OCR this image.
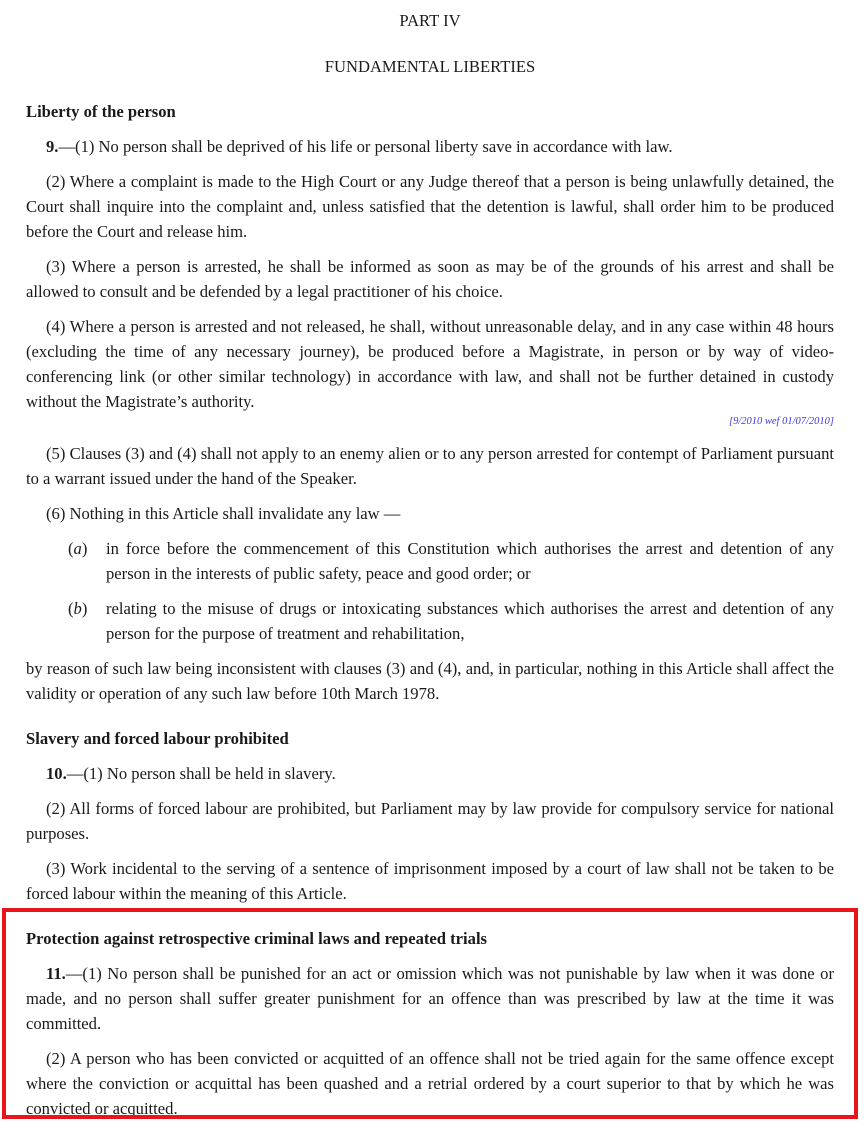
PART IV

FUNDAMENTAL LIBERTIES

Liberty of the person

9.—(1) No person shall be deprived of his life or personal liberty save in accordance with law.

(2) Where a complaint is made to the High Court or any Judge thereof that a person is being unlawfully detained, the Court shall inquire into the complaint and, unless satisfied that the detention is lawful, shall order him to be produced before the Court and release him.

(3) Where a person is arrested, he shall be informed as soon as may be of the grounds of his arrest and shall be allowed to consult and be defended by a legal practitioner of his choice.

(4) Where a person is arrested and not released, he shall, without unreasonable delay, and in any case within 48 hours (excluding the time of any necessary journey), be produced before a Magistrate, in person or by way of video-conferencing link (or other similar technology) in accordance with law, and shall not be further detained in custody without the Magistrate’s authority.

[9/2010 wef 01/07/2010]

(5) Clauses (3) and (4) shall not apply to an enemy alien or to any person arrested for contempt of Parliament pursuant to a warrant issued under the hand of the Speaker.

(6) Nothing in this Article shall invalidate any law —

(a) in force before the commencement of this Constitution which authorises the arrest and detention of any person in the interests of public safety, peace and good order; or
(b) relating to the misuse of drugs or intoxicating substances which authorises the arrest and detention of any person for the purpose of treatment and rehabilitation,

by reason of such law being inconsistent with clauses (3) and (4), and, in particular, nothing in this Article shall affect the validity or operation of any such law before 10th March 1978.

Slavery and forced labour prohibited

10.—(1) No person shall be held in slavery.

(2) All forms of forced labour are prohibited, but Parliament may by law provide for compulsory service for national purposes.

(3) Work incidental to the serving of a sentence of imprisonment imposed by a court of law shall not be taken to be forced labour within the meaning of this Article.

Protection against retrospective criminal laws and repeated trials

11.—(1) No person shall be punished for an act or omission which was not punishable by law when it was done or made, and no person shall suffer greater punishment for an offence than was prescribed by law at the time it was committed.

(2) A person who has been convicted or acquitted of an offence shall not be tried again for the same offence except where the conviction or acquittal has been quashed and a retrial ordered by a court superior to that by which he was convicted or acquitted.
